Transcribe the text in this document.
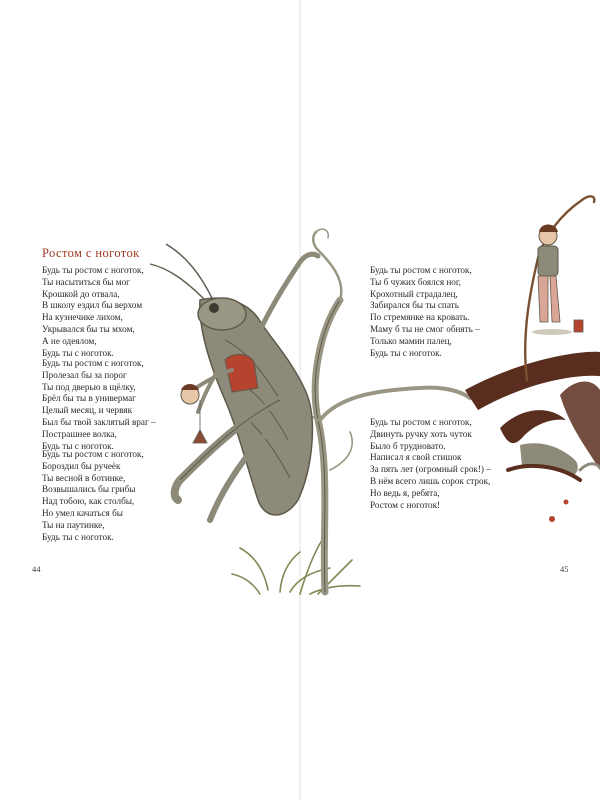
Ростом с ноготок
Будь ты ростом с ноготок,
Ты насытиться бы мог
Крошкой до отвала,
В школу ездил бы верхом
На кузнечике лихом,
Укрывался бы ты мхом,
А не одеялом,
Будь ты с ноготок.
Будь ты ростом с ноготок,
Пролезал бы за порог
Ты под дверью в щёлку,
Брёл бы ты в универмаг
Целый месяц, и червяк
Был бы твой заклятый враг –
Пострашнее волка,
Будь ты с ноготок.
Будь ты ростом с ноготок,
Бороздил бы ручеёк
Ты весной в ботинке,
Возвышались бы грибы
Над тобою, как столбы,
Но умел качаться бы
Ты на паутинке,
Будь ты с ноготок.
44
Будь ты ростом с ноготок,
Ты б чужих боялся ног,
Крохотный страдалец,
Забирался бы ты спать
По стремянке на кровать.
Маму б ты не смог обнять –
Только мамин палец,
Будь ты с ноготок.
Будь ты ростом с ноготок,
Двинуть ручку хоть чуток
Было б трудновато.
Написал я свой стишок
За пять лет (огромный срок!) –
В нём всего лишь сорок строк,
Но ведь я, ребята,
Ростом с ноготок!
45
